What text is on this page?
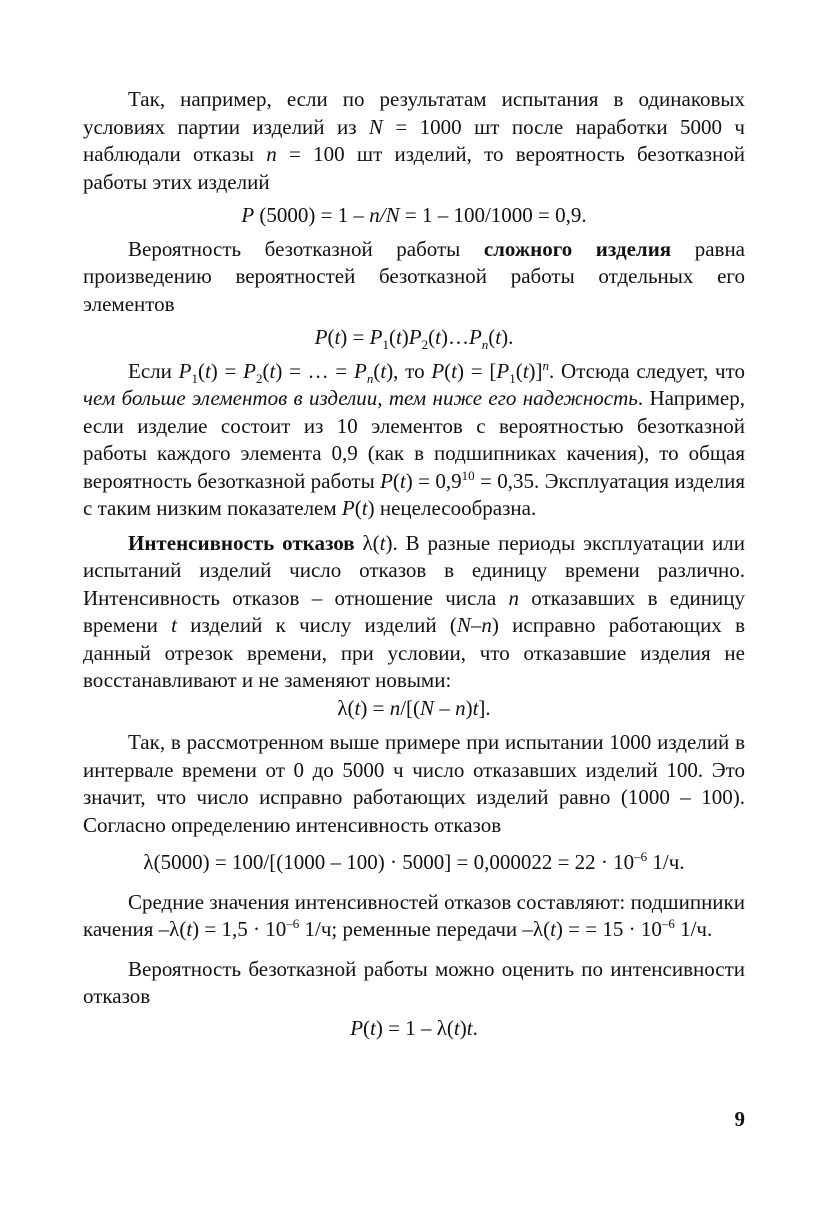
Так, например, если по результатам испытания в одинаковых условиях партии изделий из N = 1000 шт после наработки 5000 ч наблюдали отказы n = 100 шт изделий, то вероятность безотказной работы этих изделий

P (5000) = 1 – n/N = 1 – 100/1000 = 0,9.

Вероятность безотказной работы сложного изделия равна произведению вероятностей безотказной работы отдельных его элементов

$P(t) = P_1(t)P_2(t)\dots P_n(t)$.

Если $P_1(t) = P_2(t)$ = … = $P_n(t)$, то $P(t) = [P_1(t)]^n$. Отсюда следует, что чем больше элементов в изделии, тем ниже его надежность. Например, если изделие состоит из 10 элементов с вероятностью безотказной работы каждого элемента 0,9 (как в подшипниках качения), то общая вероятность безотказной работы $P(t) = 0,9^{10} = 0,35$. Эксплуатация изделия с таким низким показателем P(t) нецелесообразна.

Интенсивность отказов λ(t). В разные периоды эксплуатации или испытаний изделий число отказов в единицу времени различно. Интенсивность отказов – отношение числа n отказавших в единицу времени t изделий к числу изделий (N–n) исправно работающих в данный отрезок времени, при условии, что отказавшие изделия не восстанавливают и не заменяют новыми:

λ(t) = n/[(N – n)t].

Так, в рассмотренном выше примере при испытании 1000 изделий в интервале времени от 0 до 5000 ч число отказавших изделий 100. Это значит, что число исправно работающих изделий равно (1000 – 100). Согласно определению интенсивность отказов

$\lambda(5000) = 100/[(1000 - 100) \cdot 5000] = 0,000022 = 22 \cdot 10^{-6}$ 1/ч.

Средние значения интенсивностей отказов составляют: подшипники качения $-\lambda(t) = 1,5 \cdot 10^{-6}$ 1/ч; ременные передачи –λ(t) = = $15 \cdot 10^{-6}$ 1/ч.

Вероятность безотказной работы можно оценить по интенсивности отказов

P(t) = 1 – λ(t)t.

9
